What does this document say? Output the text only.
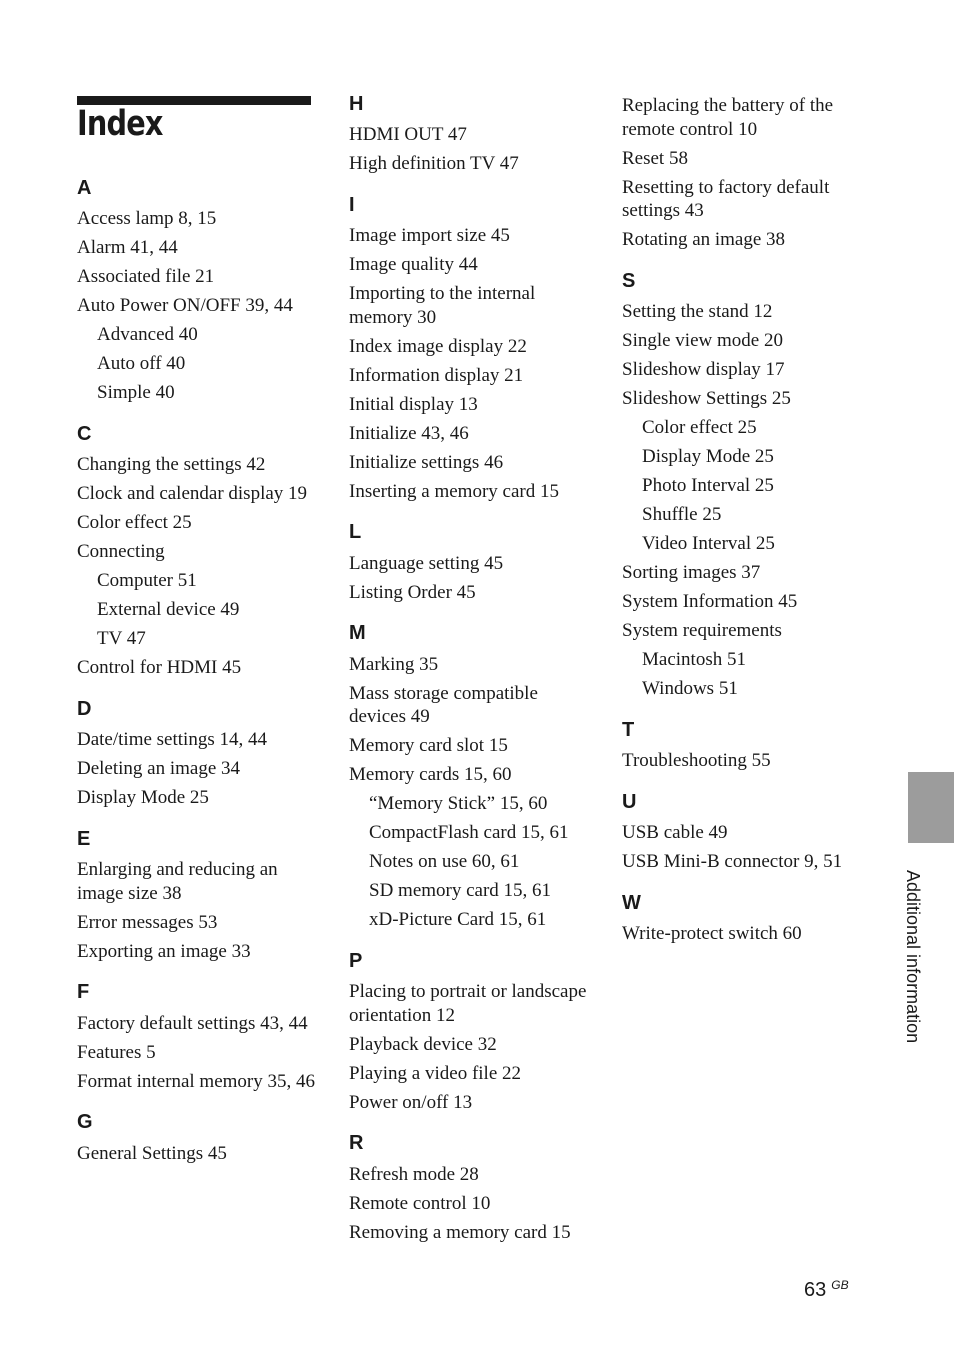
Index
A
Access lamp 8, 15
Alarm 41, 44
Associated file 21
Auto Power ON/OFF 39, 44
Advanced 40
Auto off 40
Simple 40
C
Changing the settings 42
Clock and calendar display 19
Color effect 25
Connecting
Computer 51
External device 49
TV 47
Control for HDMI 45
D
Date/time settings 14, 44
Deleting an image 34
Display Mode 25
E
Enlarging and reducing an image size 38
Error messages 53
Exporting an image 33
F
Factory default settings 43, 44
Features 5
Format internal memory 35, 46
G
General Settings 45
H
HDMI OUT 47
High definition TV 47
I
Image import size 45
Image quality 44
Importing to the internal memory 30
Index image display 22
Information display 21
Initial display 13
Initialize 43, 46
Initialize settings 46
Inserting a memory card 15
L
Language setting 45
Listing Order 45
M
Marking 35
Mass storage compatible devices 49
Memory card slot 15
Memory cards 15, 60
“Memory Stick” 15, 60
CompactFlash card 15, 61
Notes on use 60, 61
SD memory card 15, 61
xD-Picture Card 15, 61
P
Placing to portrait or landscape orientation 12
Playback device 32
Playing a video file 22
Power on/off 13
R
Refresh mode 28
Remote control 10
Removing a memory card 15
Replacing the battery of the remote control 10
Reset 58
Resetting to factory default settings 43
Rotating an image 38
S
Setting the stand 12
Single view mode 20
Slideshow display 17
Slideshow Settings 25
Color effect 25
Display Mode 25
Photo Interval 25
Shuffle 25
Video Interval 25
Sorting images 37
System Information 45
System requirements
Macintosh 51
Windows 51
T
Troubleshooting 55
U
USB cable 49
USB Mini-B connector 9, 51
W
Write-protect switch 60	Additional information
63 $^{GB}$
